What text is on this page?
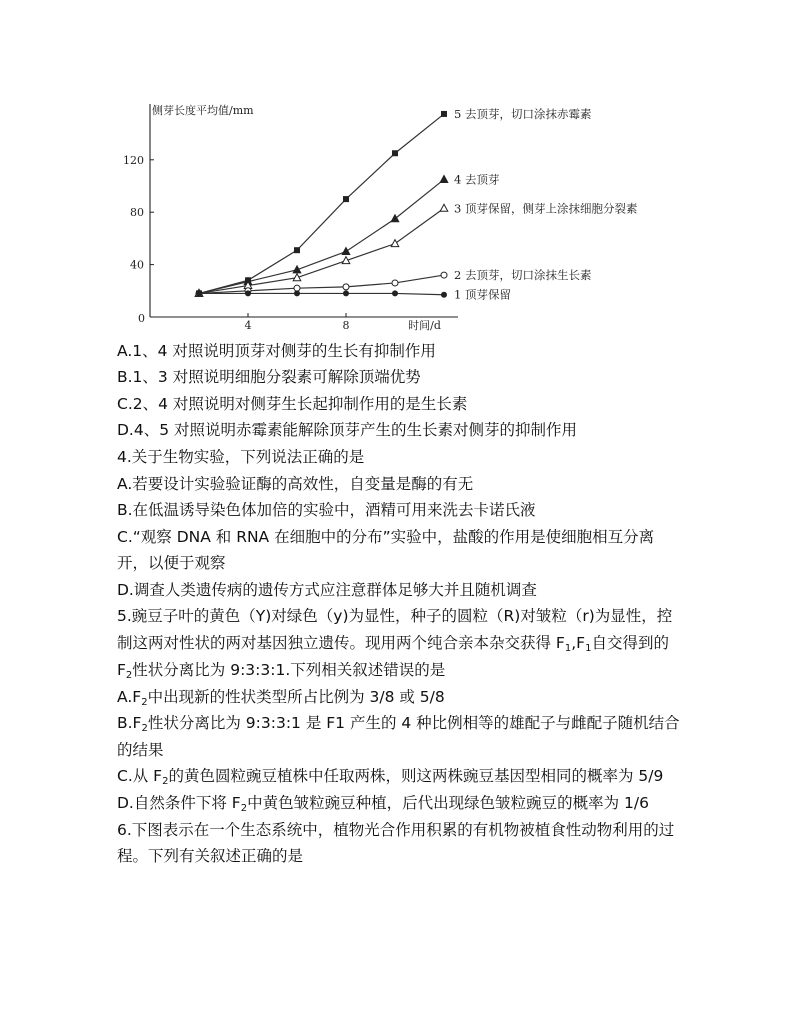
侧芽长度平均值/mm
时间/d
0
40
80
120
4	8
5 去顶芽，切口涂抹赤霉素
4 去顶芽
3 顶芽保留，侧芽上涂抹细胞分裂素
2 去顶芽，切口涂抹生长素
1 顶芽保留

A.1、4 对照说明顶芽对侧芽的生长有抑制作用

B.1、3 对照说明细胞分裂素可解除顶端优势

C.2、4 对照说明对侧芽生长起抑制作用的是生长素

D.4、5 对照说明赤霉素能解除顶芽产生的生长素对侧芽的抑制作用

4.关于生物实验，下列说法正确的是

A.若要设计实验验证酶的高效性，自变量是酶的有无

B.在低温诱导染色体加倍的实验中，酒精可用来洗去卡诺氏液

C.“观察 DNA 和 RNA 在细胞中的分布”实验中，盐酸的作用是使细胞相互分离

开，以便于观察

D.调查人类遗传病的遗传方式应注意群体足够大并且随机调查

5.豌豆子叶的黄色（Y)对绿色（y)为显性，种子的圆粒（R)对皱粒（r)为显性，控

制这两对性状的两对基因独立遗传。现用两个纯合亲本杂交获得 $F_1,F_1$自交得到的

$F_2$性状分离比为 9:3:3:1.下列相关叙述错误的是

$A.F_2$中出现新的性状类型所占比例为 3/8 或 5/8

$B.F_2$性状分离比为 9:3:3:1 是 F1 产生的 4 种比例相等的雄配子与雌配子随机结合

的结果

C.从 $F_2$的黄色圆粒豌豆植株中任取两株，则这两株豌豆基因型相同的概率为 5/9

D.自然条件下将 $F_2$中黄色皱粒豌豆种植，后代出现绿色皱粒豌豆的概率为 1/6

6.下图表示在一个生态系统中，植物光合作用积累的有机物被植食性动物利用的过

程。下列有关叙述正确的是
